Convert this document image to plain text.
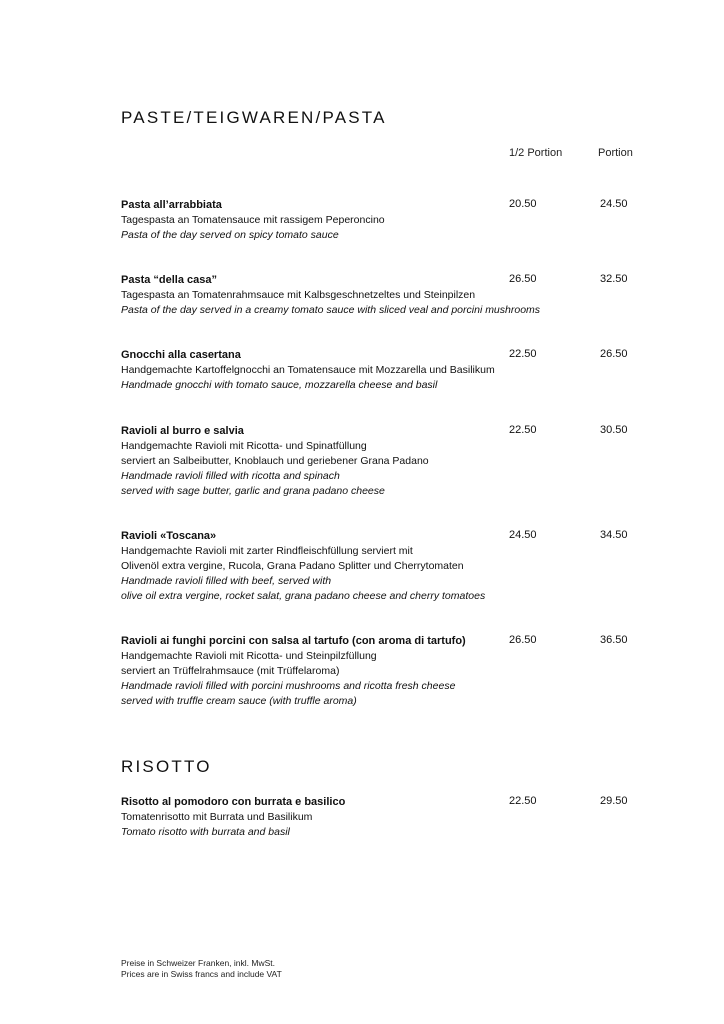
PASTE/TEIGWAREN/PASTA
1/2 Portion	Portion
Pasta all’arrabbiata
Tagespasta an Tomatensauce mit rassigem Peperoncino
Pasta of the day served on spicy tomato sauce
20.50	24.50
Pasta “della casa”
Tagespasta an Tomatenrahmsauce mit Kalbsgeschnetzeltes und Steinpilzen
Pasta of the day served in a creamy tomato sauce with sliced veal and porcini mushrooms
26.50	32.50
Gnocchi alla casertana
Handgemachte Kartoffelgnocchi an Tomatensauce mit Mozzarella und Basilikum
Handmade gnocchi with tomato sauce, mozzarella cheese and basil
22.50	26.50
Ravioli al burro e salvia
Handgemachte Ravioli mit Ricotta- und Spinatfüllung
serviert an Salbeibutter, Knoblauch und geriebener Grana Padano
Handmade ravioli filled with ricotta and spinach
served with sage butter, garlic and grana padano cheese
22.50	30.50
Ravioli «Toscana»
Handgemachte Ravioli mit zarter Rindfleischfüllung serviert mit
Olivenöl extra vergine, Rucola, Grana Padano Splitter und Cherrytomaten
Handmade ravioli filled with beef, served with
olive oil extra vergine, rocket salat, grana padano cheese and cherry tomatoes
24.50	34.50
Ravioli ai funghi porcini con salsa al tartufo (con aroma di tartufo)
Handgemachte Ravioli mit Ricotta- und Steinpilzfüllung
serviert an Trüffelrahmsauce (mit Trüffelaroma)
Handmade ravioli filled with porcini mushrooms and ricotta fresh cheese
served with truffle cream sauce (with truffle aroma)
26.50	36.50
RISOTTO
Risotto al pomodoro con burrata e basilico
Tomatenrisotto mit Burrata und Basilikum
Tomato risotto with burrata and basil
22.50	29.50
Preise in Schweizer Franken, inkl. MwSt.
Prices are in Swiss francs and include VAT
